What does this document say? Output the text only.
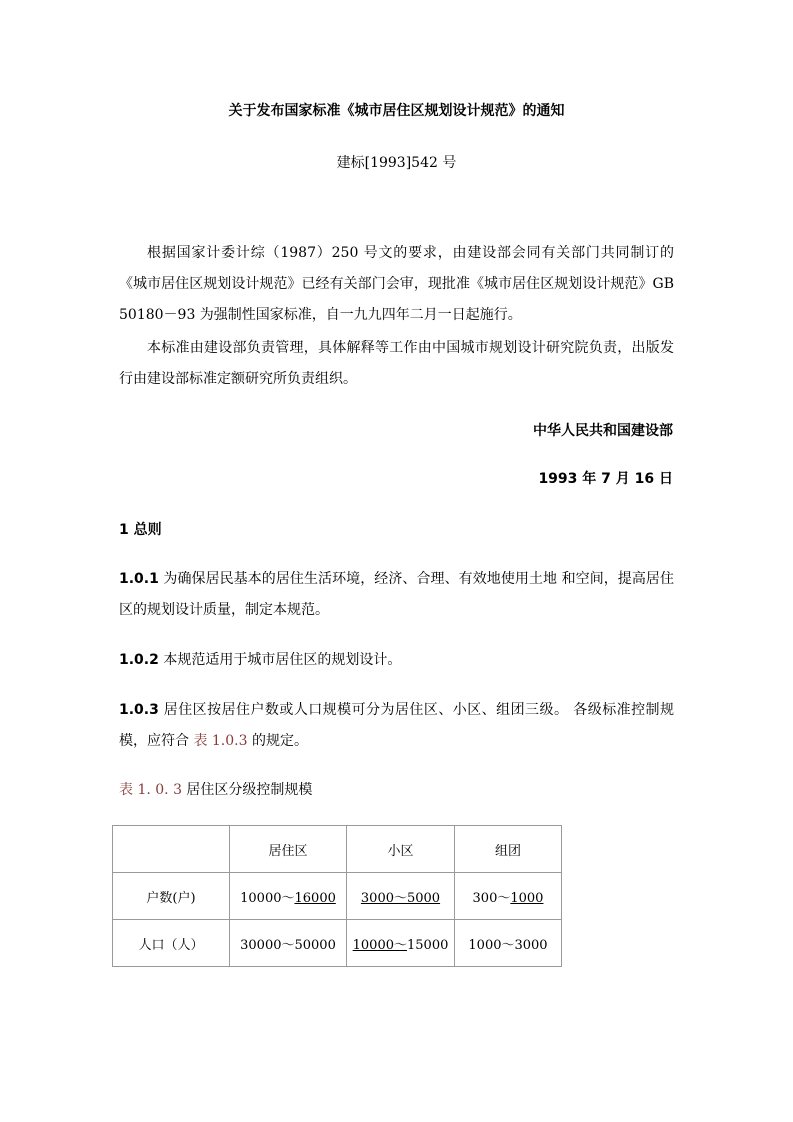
关于发布国家标准《城市居住区规划设计规范》的通知
建标[1993]542 号

根据国家计委计综（1987）250 号文的要求，由建设部会同有关部门共同制订的《城市居住区规划设计规范》已经有关部门会审，现批准《城市居住区规划设计规范》GB 50180－93 为强制性国家标准，自一九九四年二月一日起施行。

本标准由建设部负责管理，具体解释等工作由中国城市规划设计研究院负责，出版发行由建设部标准定额研究所负责组织。

中华人民共和国建设部
1993 年 7 月 16 日
1 总则

1.0.1 为确保居民基本的居住生活环境，经济、合理、有效地使用土地 和空间，提高居住区的规划设计质量，制定本规范。

1.0.2 本规范适用于城市居住区的规划设计。

1.0.3 居住区按居住户数或人口规模可分为居住区、小区、组团三级。 各级标准控制规模，应符合 表 1.0.3 的规定。

表 1. 0. 3 居住区分级控制规模
	居住区	小区	组团
户数(户)	10000～16000	3000～5000	300～1000
人口（人）	30000～50000	10000～15000	1000～3000
